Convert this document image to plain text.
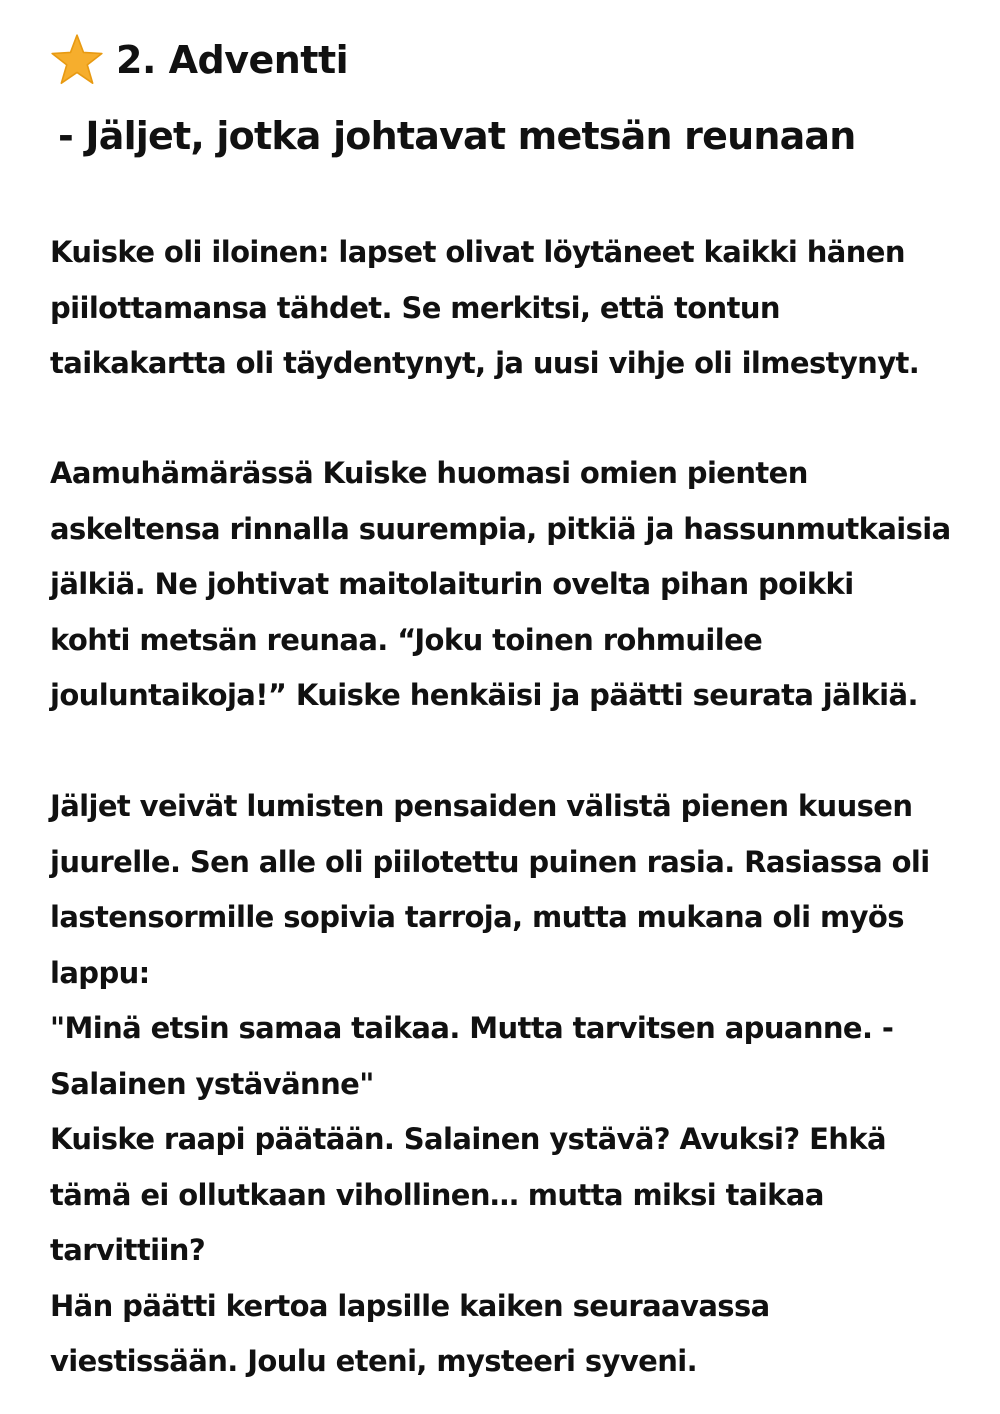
2. Adventti
- Jäljet, jotka johtavat metsän reunaan

Kuiske oli iloinen: lapset olivat löytäneet kaikki hänen
piilottamansa tähdet. Se merkitsi, että tontun
taikakartta oli täydentynyt, ja uusi vihje oli ilmestynyt.

Aamuhämärässä Kuiske huomasi omien pienten
askeltensa rinnalla suurempia, pitkiä ja hassunmutkaisia
jälkiä. Ne johtivat maitolaiturin ovelta pihan poikki
kohti metsän reunaa. “Joku toinen rohmuilee
jouluntaikoja!” Kuiske henkäisi ja päätti seurata jälkiä.

Jäljet veivät lumisten pensaiden välistä pienen kuusen
juurelle. Sen alle oli piilotettu puinen rasia. Rasiassa oli
lastensormille sopivia tarroja, mutta mukana oli myös
lappu:
"Minä etsin samaa taikaa. Mutta tarvitsen apuanne. -
Salainen ystävänne"
Kuiske raapi päätään. Salainen ystävä? Avuksi? Ehkä
tämä ei ollutkaan vihollinen… mutta miksi taikaa
tarvittiin?
Hän päätti kertoa lapsille kaiken seuraavassa
viestissään. Joulu eteni, mysteeri syveni.
